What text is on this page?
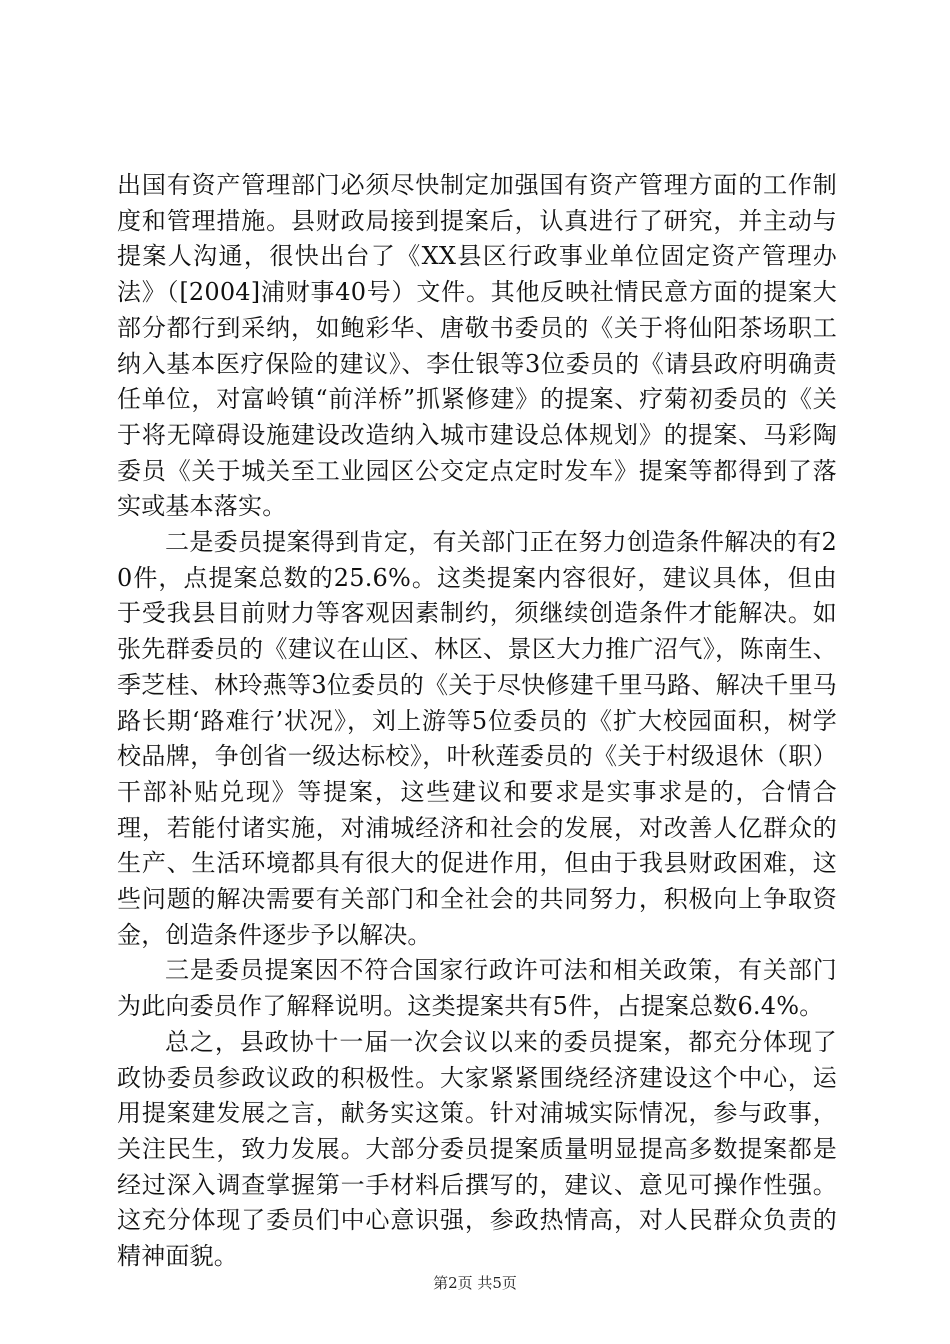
出国有资产管理部门必须尽快制定加强国有资产管理方面的工作制度和管理措施。县财政局接到提案后，认真进行了研究，并主动与提案人沟通，很快出台了《XX县区行政事业单位固定资产管理办法》（[2004]浦财事40号）文件。其他反映社情民意方面的提案大部分都行到采纳，如鲍彩华、唐敬书委员的《关于将仙阳茶场职工纳入基本医疗保险的建议》、李仕银等3位委员的《请县政府明确责任单位，对富岭镇“前洋桥”抓紧修建》的提案、疗菊初委员的《关于将无障碍设施建设改造纳入城市建设总体规划》的提案、马彩陶委员《关于城关至工业园区公交定点定时发车》提案等都得到了落实或基本落实。

二是委员提案得到肯定，有关部门正在努力创造条件解决的有20件，点提案总数的25.6%。这类提案内容很好，建议具体，但由于受我县目前财力等客观因素制约，须继续创造条件才能解决。如张先群委员的《建议在山区、林区、景区大力推广沼气》，陈南生、季芝桂、林玲燕等3位委员的《关于尽快修建千里马路、解决千里马路长期‘路难行’状况》，刘上游等5位委员的《扩大校园面积，树学校品牌，争创省一级达标校》，叶秋莲委员的《关于村级退休（职）干部补贴兑现》等提案，这些建议和要求是实事求是的，合情合理，若能付诸实施，对浦城经济和社会的发展，对改善人亿群众的生产、生活环境都具有很大的促进作用，但由于我县财政困难，这些问题的解决需要有关部门和全社会的共同努力，积极向上争取资金，创造条件逐步予以解决。

三是委员提案因不符合国家行政许可法和相关政策，有关部门为此向委员作了解释说明。这类提案共有5件，占提案总数6.4%。

总之，县政协十一届一次会议以来的委员提案，都充分体现了政协委员参政议政的积极性。大家紧紧围绕经济建设这个中心，运用提案建发展之言，献务实这策。针对浦城实际情况，参与政事，关注民生，致力发展。大部分委员提案质量明显提高多数提案都是经过深入调查掌握第一手材料后撰写的，建议、意见可操作性强。这充分体现了委员们中心意识强，参政热情高，对人民群众负责的精神面貌。

第2页 共5页
